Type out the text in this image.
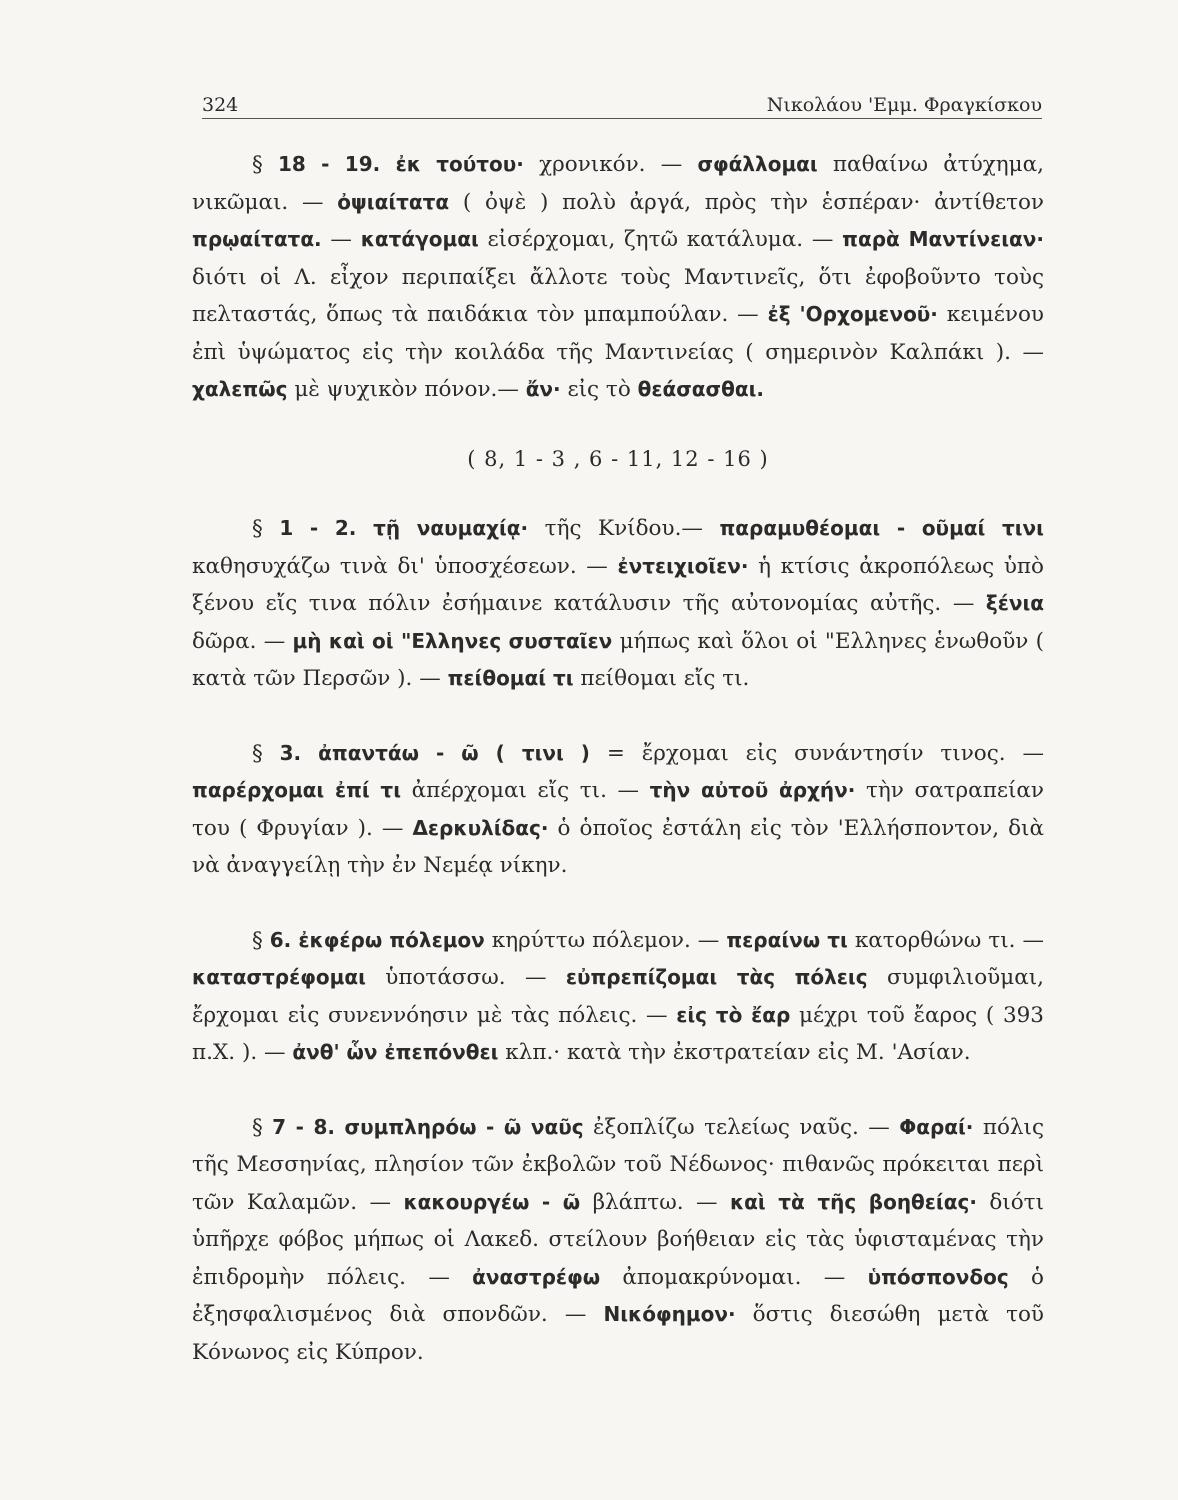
324	Νικολάου 'Εμμ. Φραγκίσκου

§ 18 - 19. ἐκ τούτου· χρονικόν. — σφάλλομαι παθαίνω ἀτύχημα, νικῶμαι. — ὀψιαίτατα ( ὀψὲ ) πολὺ ἀργά, πρὸς τὴν ἑσπέραν· ἀντίθετον πρῳαίτατα. — κατάγομαι εἰσέρχομαι, ζητῶ κατάλυμα. — παρὰ Μαντίνειαν· διότι οἱ Λ. εἶχον περιπαίξει ἄλλοτε τοὺς Μαντινεῖς, ὅτι ἐφοβοῦντο τοὺς πελταστάς, ὅπως τὰ παιδάκια τὸν μπαμπούλαν. — ἐξ 'Ορχομενοῦ· κειμένου ἐπὶ ὑψώματος εἰς τὴν κοιλάδα τῆς Μαντινείας ( σημερινὸν Καλπάκι ). — χαλεπῶς μὲ ψυχικὸν πόνον.— ἄν· εἰς τὸ θεάσασθαι.

( 8, 1 - 3 , 6 - 11, 12 - 16 )

§ 1 - 2. τῇ ναυμαχίᾳ· τῆς Κνίδου.— παραμυθέομαι - οῦμαί τινι καθησυχάζω τινὰ δι' ὑποσχέσεων. — ἐντειχιοῖεν· ἡ κτίσις ἀκροπόλεως ὑπὸ ξένου εἴς τινα πόλιν ἐσήμαινε κατάλυσιν τῆς αὐτονομίας αὐτῆς. — ξένια δῶρα. — μὴ καὶ οἱ "Ελληνες συσταῖεν μήπως καὶ ὅλοι οἱ "Ελληνες ἑνωθοῦν ( κατὰ τῶν Περσῶν ). — πείθομαί τι πείθομαι εἴς τι.

§ 3. ἀπαντάω - ῶ ( τινι ) = ἔρχομαι εἰς συνάντησίν τινος. — παρέρχομαι ἐπί τι ἀπέρχομαι εἴς τι. — τὴν αὐτοῦ ἀρχήν· τὴν σατραπείαν του ( Φρυγίαν ). — Δερκυλίδας· ὁ ὁποῖος ἐστάλη εἰς τὸν 'Ελλήσποντον, διὰ νὰ ἀναγγείλῃ τὴν ἐν Νεμέᾳ νίκην.

§ 6. ἐκφέρω πόλεμον κηρύττω πόλεμον. — περαίνω τι κατορθώνω τι. — καταστρέφομαι ὑποτάσσω. — εὐπρεπίζομαι τὰς πόλεις συμφιλιοῦμαι, ἔρχομαι εἰς συνεννόησιν μὲ τὰς πόλεις. — εἰς τὸ ἔαρ μέχρι τοῦ ἔαρος ( 393 π.Χ. ). — ἀνθ' ὧν ἐπεπόνθει κλπ.· κατὰ τὴν ἐκστρατείαν εἰς Μ. 'Ασίαν.

§ 7 - 8. συμπληρόω - ῶ ναῦς ἐξοπλίζω τελείως ναῦς. — Φαραί· πόλις τῆς Μεσσηνίας, πλησίον τῶν ἐκβολῶν τοῦ Νέδωνος· πιθανῶς πρόκειται περὶ τῶν Καλαμῶν. — κακουργέω - ῶ βλάπτω. — καὶ τὰ τῆς βοηθείας· διότι ὑπῆρχε φόβος μήπως οἱ Λακεδ. στείλουν βοήθειαν εἰς τὰς ὑφισταμένας τὴν ἐπιδρομὴν πόλεις. — ἀναστρέφω ἀπομακρύνομαι. — ὑπόσπονδος ὁ ἐξησφαλισμένος διὰ σπονδῶν. — Νικόφημον· ὅστις διεσώθη μετὰ τοῦ Κόνωνος εἰς Κύπρον.
